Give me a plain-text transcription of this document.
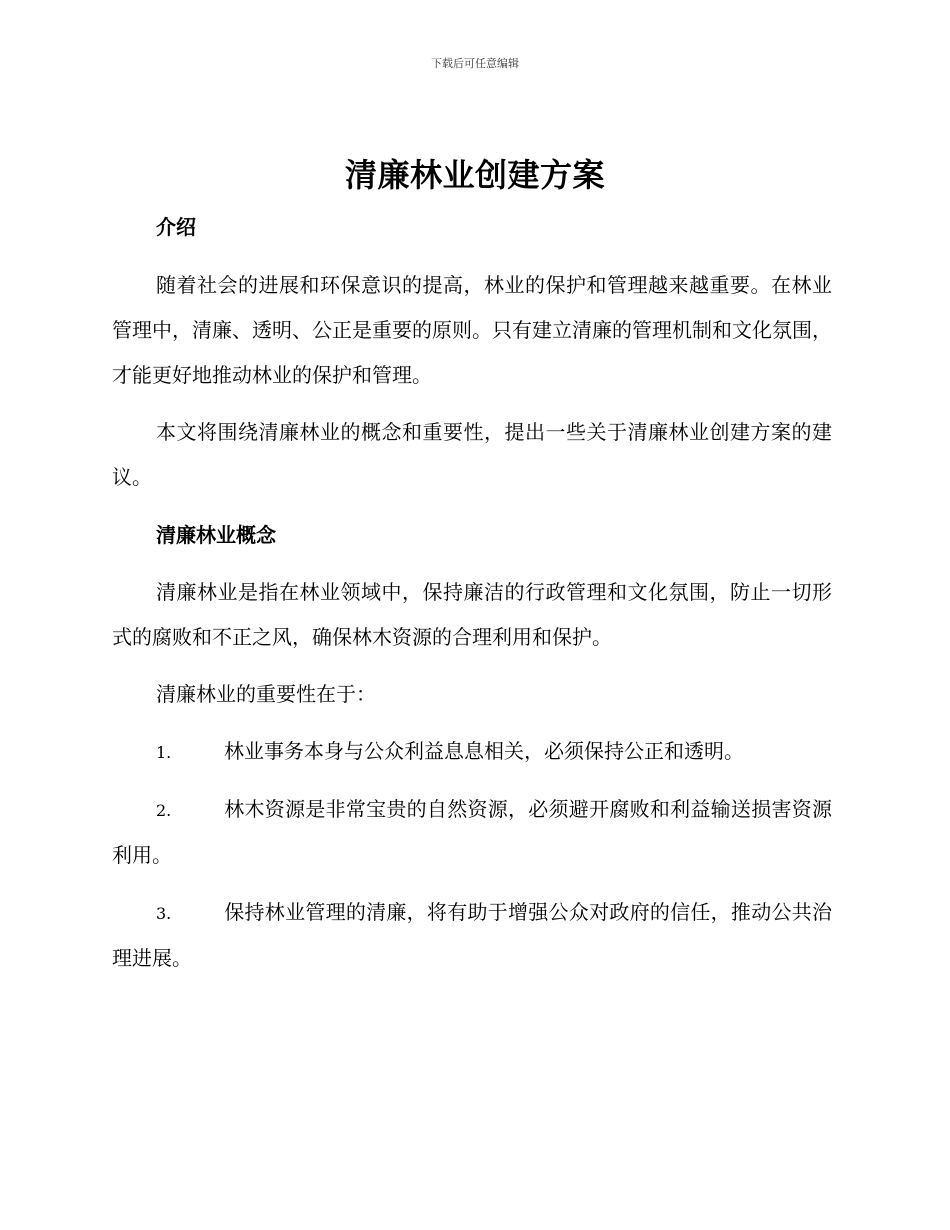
下载后可任意编辑
清廉林业创建方案

介绍

随着社会的进展和环保意识的提高，林业的保护和管理越来越重要。在林业管理中，清廉、透明、公正是重要的原则。只有建立清廉的管理机制和文化氛围，才能更好地推动林业的保护和管理。

本文将围绕清廉林业的概念和重要性，提出一些关于清廉林业创建方案的建议。

清廉林业概念

清廉林业是指在林业领域中，保持廉洁的行政管理和文化氛围，防止一切形式的腐败和不正之风，确保林木资源的合理利用和保护。

清廉林业的重要性在于：

1.	林业事务本身与公众利益息息相关，必须保持公正和透明。

2.	林木资源是非常宝贵的自然资源，必须避开腐败和利益输送损害资源利用。

3.	保持林业管理的清廉，将有助于增强公众对政府的信任，推动公共治理进展。
